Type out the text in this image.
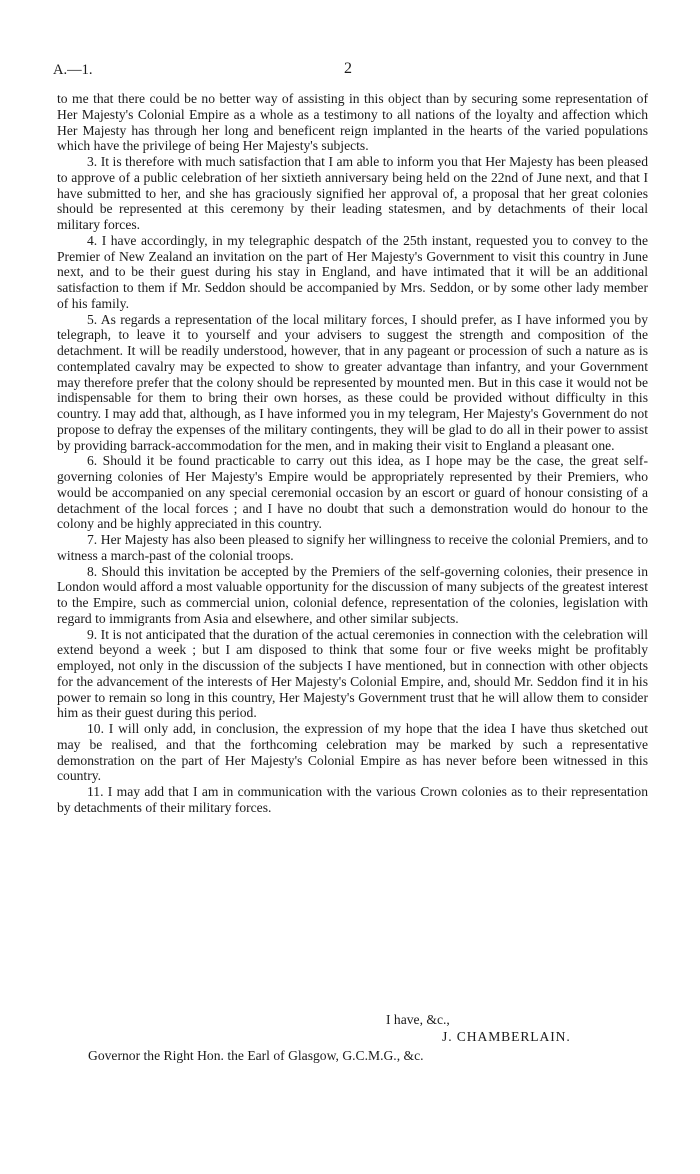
A.—1.	2

to me that there could be no better way of assisting in this object than by securing some representation of Her Majesty's Colonial Empire as a whole as a testimony to all nations of the loyalty and affection which Her Majesty has through her long and beneficent reign implanted in the hearts of the varied populations which have the privilege of being Her Majesty's subjects.

3. It is therefore with much satisfaction that I am able to inform you that Her Majesty has been pleased to approve of a public celebration of her sixtieth anniversary being held on the 22nd of June next, and that I have submitted to her, and she has graciously signified her approval of, a proposal that her great colonies should be represented at this ceremony by their leading statesmen, and by detachments of their local military forces.

4. I have accordingly, in my telegraphic despatch of the 25th instant, requested you to convey to the Premier of New Zealand an invitation on the part of Her Majesty's Government to visit this country in June next, and to be their guest during his stay in England, and have intimated that it will be an additional satisfaction to them if Mr. Seddon should be accompanied by Mrs. Seddon, or by some other lady member of his family.

5. As regards a representation of the local military forces, I should prefer, as I have informed you by telegraph, to leave it to yourself and your advisers to suggest the strength and composition of the detachment. It will be readily understood, however, that in any pageant or procession of such a nature as is contemplated cavalry may be expected to show to greater advantage than infantry, and your Government may therefore prefer that the colony should be represented by mounted men. But in this case it would not be indispensable for them to bring their own horses, as these could be provided without difficulty in this country. I may add that, although, as I have informed you in my telegram, Her Majesty's Government do not propose to defray the expenses of the military contingents, they will be glad to do all in their power to assist by providing barrack-accommodation for the men, and in making their visit to England a pleasant one.

6. Should it be found practicable to carry out this idea, as I hope may be the case, the great self-governing colonies of Her Majesty's Empire would be appropriately represented by their Premiers, who would be accompanied on any special ceremonial occasion by an escort or guard of honour consisting of a detachment of the local forces ; and I have no doubt that such a demonstration would do honour to the colony and be highly appreciated in this country.

7. Her Majesty has also been pleased to signify her willingness to receive the colonial Premiers, and to witness a march-past of the colonial troops.

8. Should this invitation be accepted by the Premiers of the self-governing colonies, their presence in London would afford a most valuable opportunity for the discussion of many subjects of the greatest interest to the Empire, such as commercial union, colonial defence, representation of the colonies, legislation with regard to immigrants from Asia and elsewhere, and other similar subjects.

9. It is not anticipated that the duration of the actual ceremonies in connection with the celebration will extend beyond a week ; but I am disposed to think that some four or five weeks might be profitably employed, not only in the discussion of the subjects I have mentioned, but in connection with other objects for the advancement of the interests of Her Majesty's Colonial Empire, and, should Mr. Seddon find it in his power to remain so long in this country, Her Majesty's Government trust that he will allow them to consider him as their guest during this period.

10. I will only add, in conclusion, the expression of my hope that the idea I have thus sketched out may be realised, and that the forthcoming celebration may be marked by such a representative demonstration on the part of Her Majesty's Colonial Empire as has never before been witnessed in this country.

11. I may add that I am in communication with the various Crown colonies as to their representation by detachments of their military forces.

I have, &c.,
J. CHAMBERLAIN.
Governor the Right Hon. the Earl of Glasgow, G.C.M.G., &c.
